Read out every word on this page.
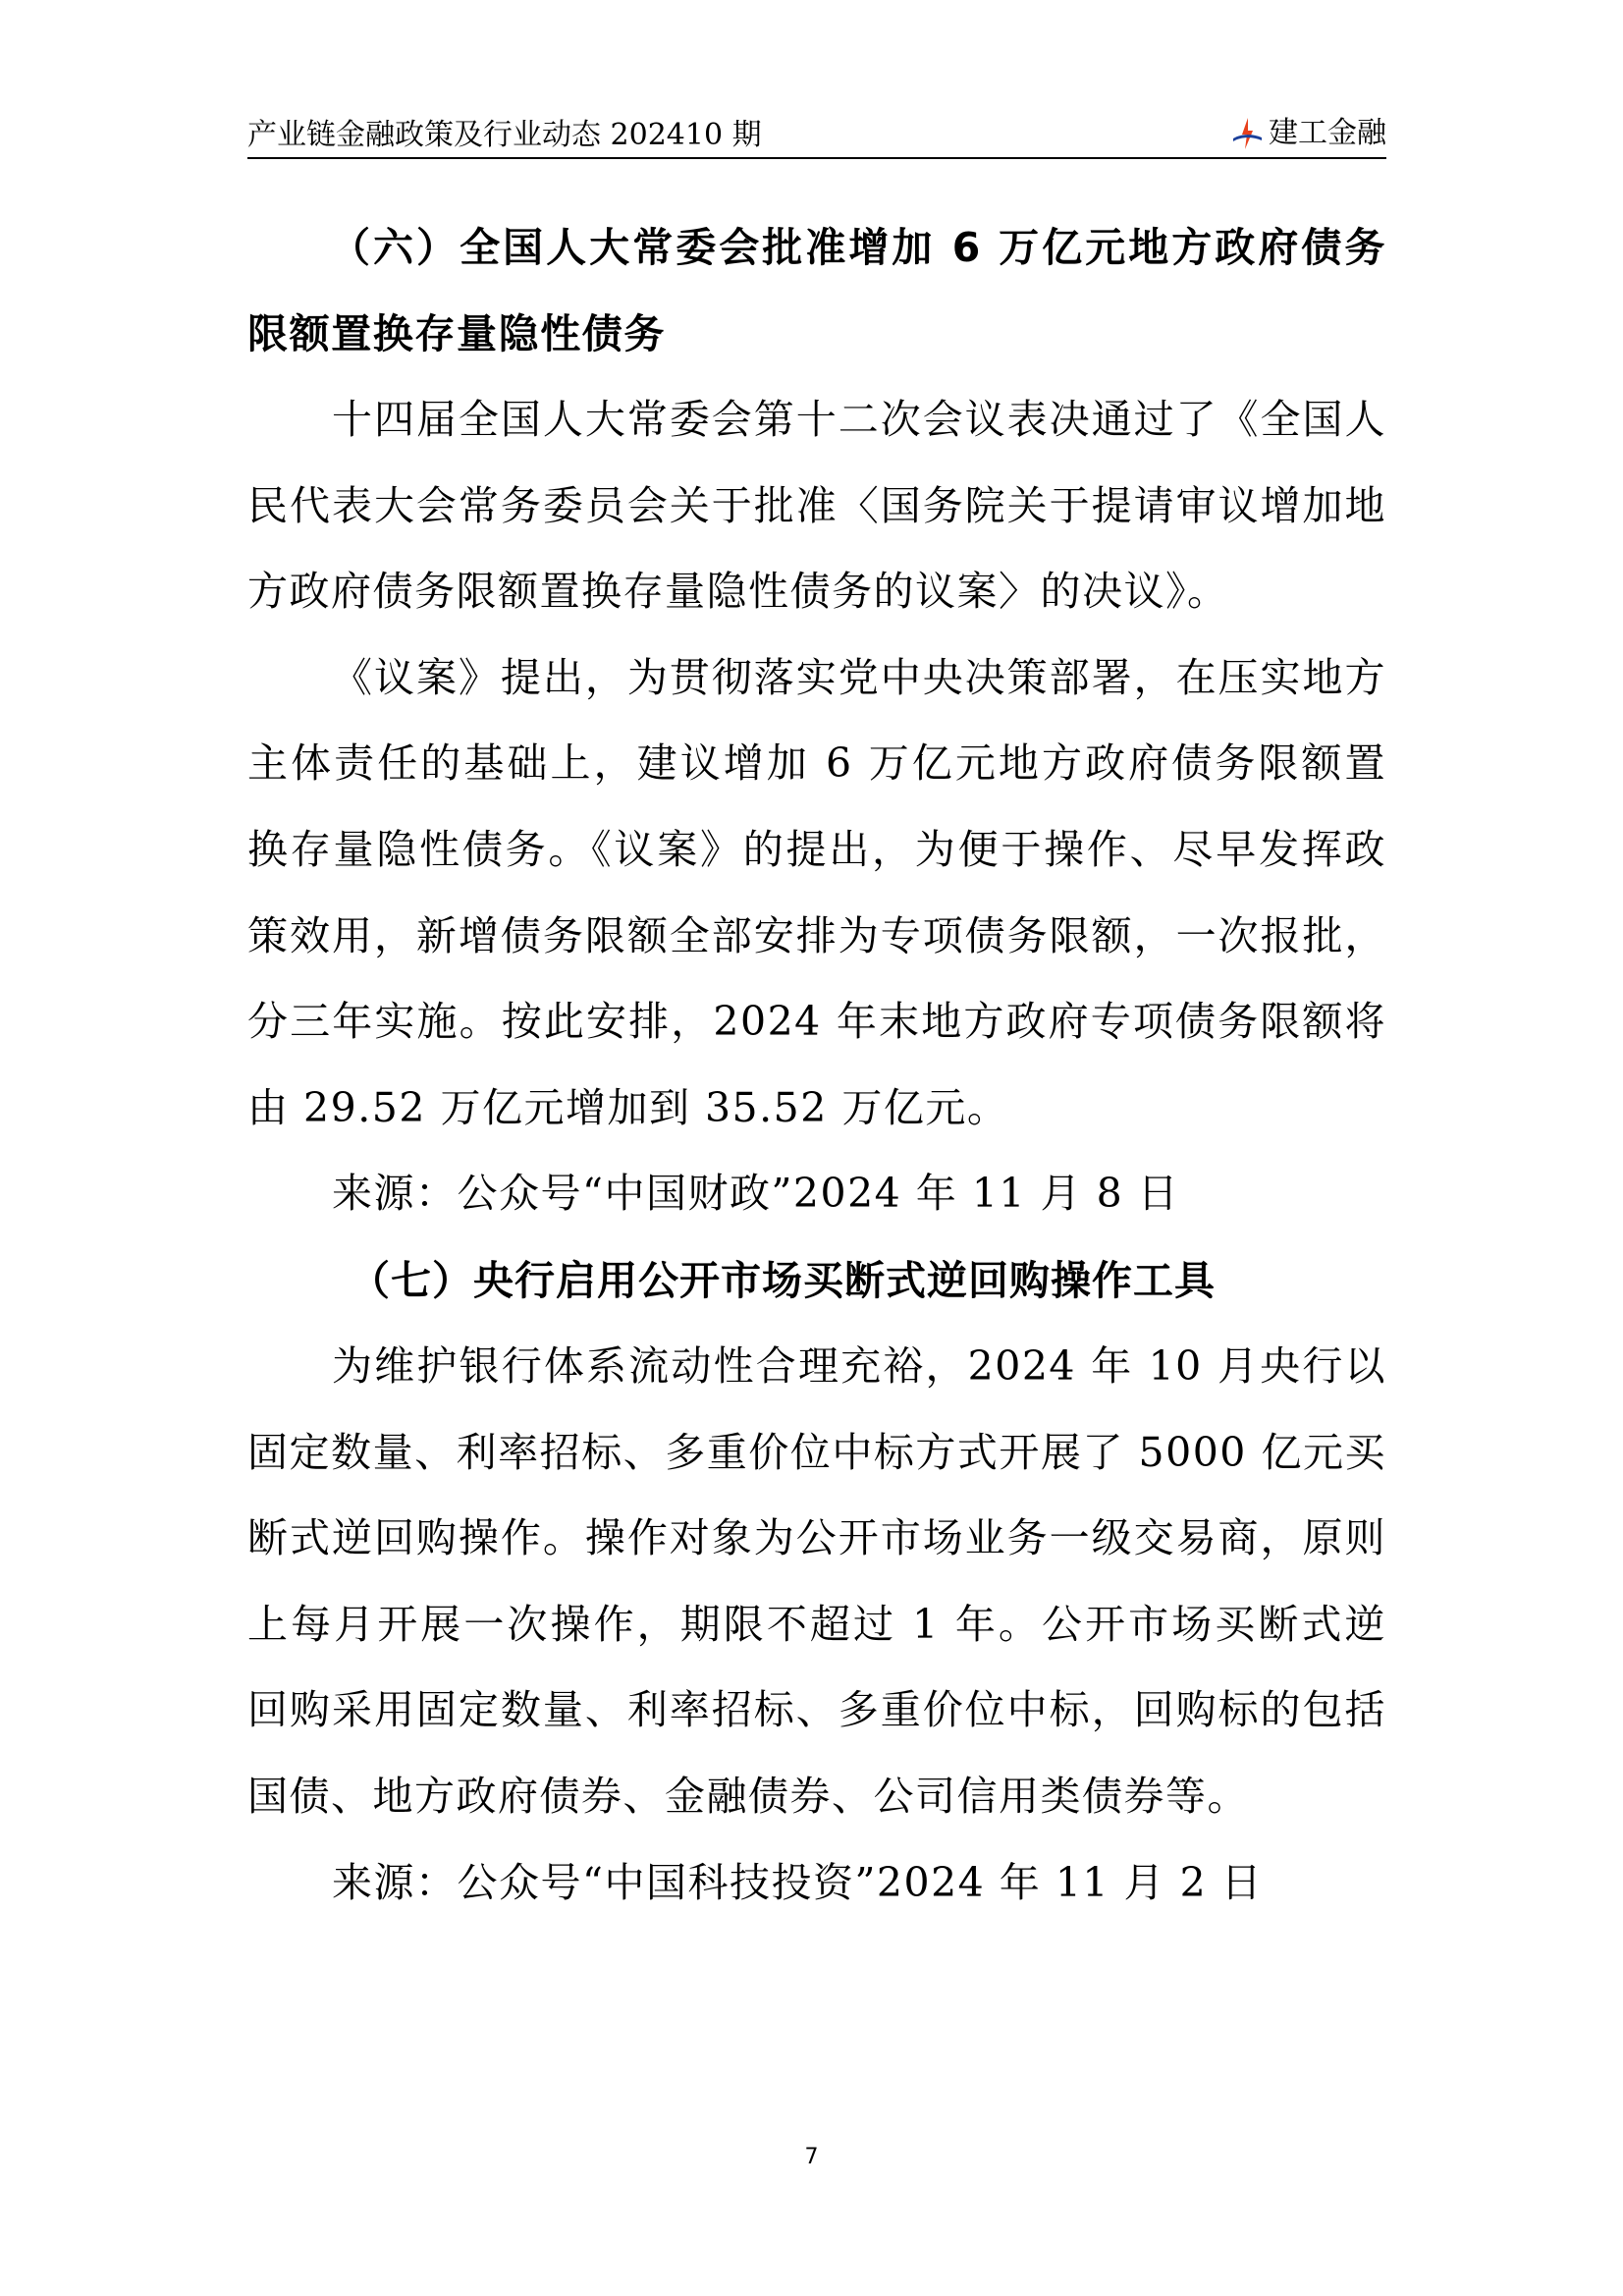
产业链金融政策及行业动态 202410 期	建工金融
（六）全国人大常委会批准增加 6 万亿元地方政府债务限额置换存量隐性债务

十四届全国人大常委会第十二次会议表决通过了《全国人民代表大会常务委员会关于批准〈国务院关于提请审议增加地方政府债务限额置换存量隐性债务的议案〉的决议》。

《议案》提出，为贯彻落实党中央决策部署，在压实地方主体责任的基础上，建议增加 6 万亿元地方政府债务限额置换存量隐性债务。《议案》的提出，为便于操作、尽早发挥政策效用，新增债务限额全部安排为专项债务限额，一次报批，分三年实施。按此安排，2024 年末地方政府专项债务限额将由 29.52 万亿元增加到 35.52 万亿元。

来源：公众号“中国财政”2024 年 11 月 8 日

（七）央行启用公开市场买断式逆回购操作工具

为维护银行体系流动性合理充裕，2024 年 10 月央行以固定数量、利率招标、多重价位中标方式开展了 5000 亿元买断式逆回购操作。操作对象为公开市场业务一级交易商，原则上每月开展一次操作，期限不超过 1 年。公开市场买断式逆回购采用固定数量、利率招标、多重价位中标，回购标的包括国债、地方政府债券、金融债券、公司信用类债券等。

来源：公众号“中国科技投资”2024 年 11 月 2 日

7
